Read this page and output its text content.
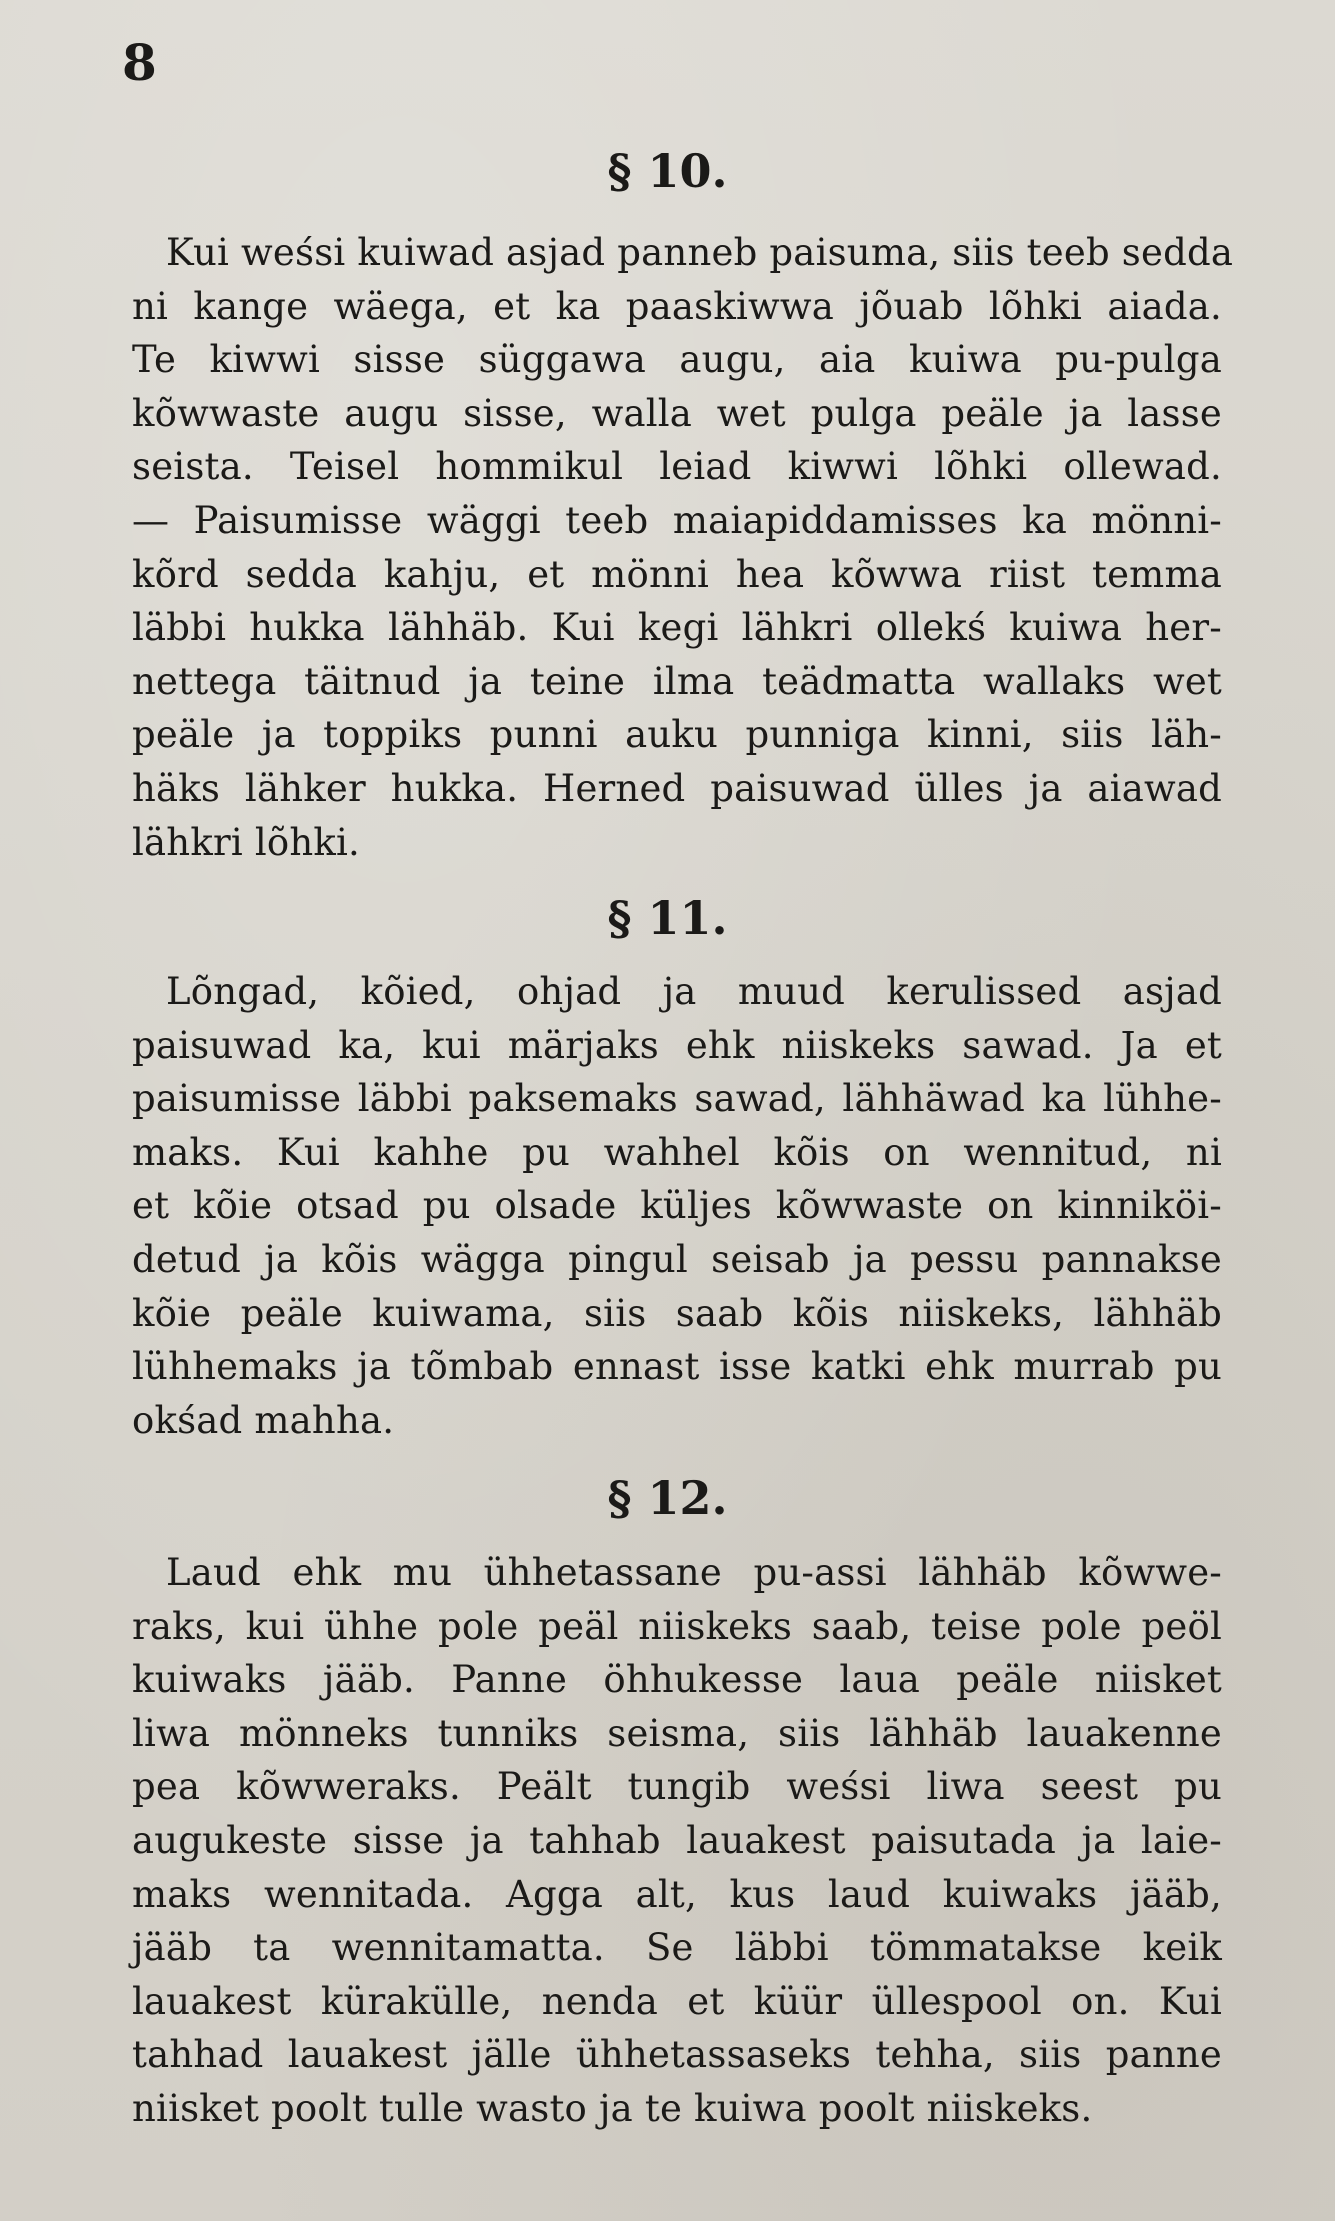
8
§ 10.
Kui weśsi kuiwad asjad panneb paisuma, siis teeb sedda
ni kange wäega, et ka paaskiwwa jõuab lõhki aiada.
Te kiwwi sisse süggawa augu, aia kuiwa pu-pulga
kõwwaste augu sisse, walla wet pulga peäle ja lasse
seista. Teisel hommikul leiad kiwwi lõhki ollewad.
— Paisumisse wäggi teeb maiapiddamisses ka mönni-
kõrd sedda kahju, et mönni hea kõwwa riist temma
läbbi hukka lähhäb. Kui kegi lähkri ollekś kuiwa her-
nettega täitnud ja teine ilma teädmatta wallaks wet
peäle ja toppiks punni auku punniga kinni, siis läh-
häks lähker hukka. Herned paisuwad ülles ja aiawad
lähkri lõhki.
§ 11.
Lõngad, kõied, ohjad ja muud kerulissed asjad
paisuwad ka, kui märjaks ehk niiskeks sawad. Ja et
paisumisse läbbi paksemaks sawad, lähhäwad ka lühhe-
maks. Kui kahhe pu wahhel kõis on wennitud, ni
et kõie otsad pu olsade küljes kõwwaste on kinniköi-
detud ja kõis wägga pingul seisab ja pessu pannakse
kõie peäle kuiwama, siis saab kõis niiskeks, lähhäb
lühhemaks ja tõmbab ennast isse katki ehk murrab pu
okśad mahha.
§ 12.
Laud ehk mu ühhetassane pu-assi lähhäb kõwwe-
raks, kui ühhe pole peäl niiskeks saab, teise pole peöl
kuiwaks jääb. Panne öhhukesse laua peäle niisket
liwa mönneks tunniks seisma, siis lähhäb lauakenne
pea kõwweraks. Peält tungib weśsi liwa seest pu
augukeste sisse ja tahhab lauakest paisutada ja laie-
maks wennitada. Agga alt, kus laud kuiwaks jääb,
jääb ta wennitamatta. Se läbbi tömmatakse keik
lauakest kürakülle, nenda et küür üllespool on. Kui
tahhad lauakest jälle ühhetassaseks tehha, siis panne
niisket poolt tulle wasto ja te kuiwa poolt niiskeks.
